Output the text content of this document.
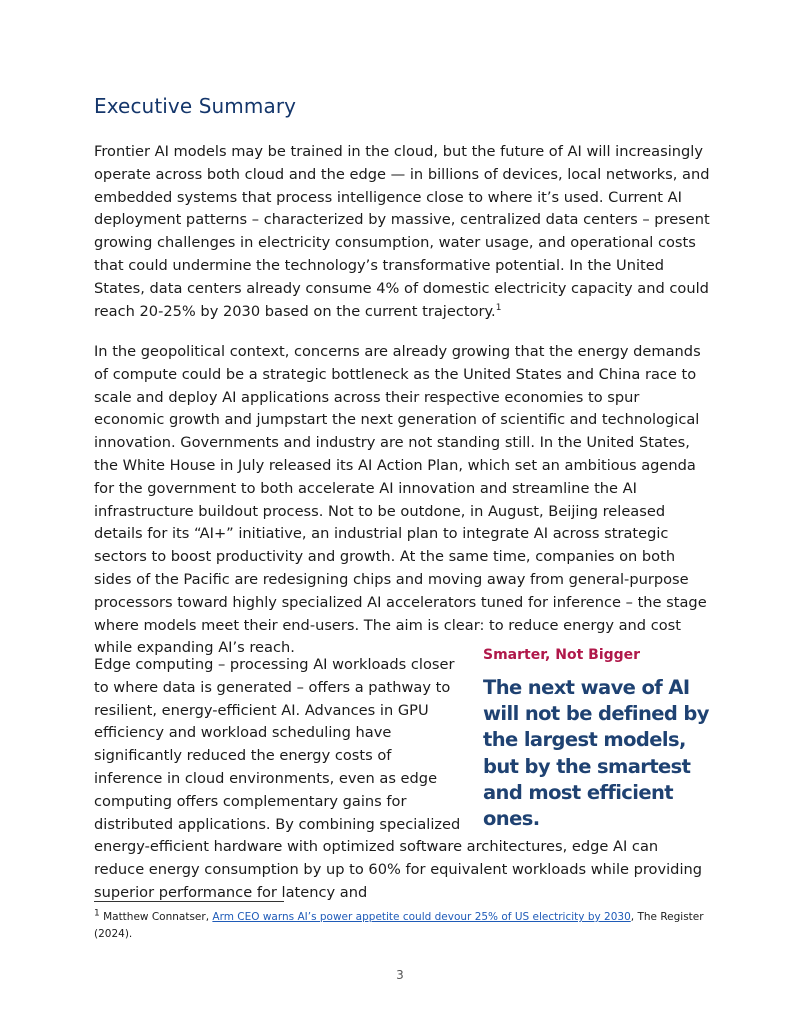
Executive Summary

Frontier AI models may be trained in the cloud, but the future of AI will increasingly operate across both cloud and the edge — in billions of devices, local networks, and embedded systems that process intelligence close to where it’s used. Current AI deployment patterns – characterized by massive, centralized data centers – present growing challenges in electricity consumption, water usage, and operational costs that could undermine the technology’s transformative potential. In the United States, data centers already consume 4% of domestic electricity capacity and could reach 20-25% by 2030 based on the current trajectory.$^1$

In the geopolitical context, concerns are already growing that the energy demands of compute could be a strategic bottleneck as the United States and China race to scale and deploy AI applications across their respective economies to spur economic growth and jumpstart the next generation of scientific and technological innovation. Governments and industry are not standing still. In the United States, the White House in July released its AI Action Plan, which set an ambitious agenda for the government to both accelerate AI innovation and streamline the AI infrastructure buildout process. Not to be outdone, in August, Beijing released details for its “AI+” initiative, an industrial plan to integrate AI across strategic sectors to boost productivity and growth. At the same time, companies on both sides of the Pacific are redesigning chips and moving away from general-purpose processors toward highly specialized AI accelerators tuned for inference – the stage where models meet their end-users. The aim is clear: to reduce energy and cost while expanding AI’s reach.

Edge computing – processing AI workloads closer to where data is generated – offers a pathway to resilient, energy-efficient AI. Advances in GPU efficiency and workload scheduling have significantly reduced the energy costs of inference in cloud environments, even as edge computing offers complementary gains for distributed applications. By combining specialized energy-efficient hardware with optimized software architectures, edge AI can reduce energy consumption by up to 60% for equivalent workloads while providing superior performance for latency and

Smarter, Not Bigger

The next wave of AI will not be defined by the largest models, but by the smartest and most efficient ones.

1 Matthew Connatser, Arm CEO warns AI’s power appetite could devour 25% of US electricity by 2030, The Register (2024).

3
